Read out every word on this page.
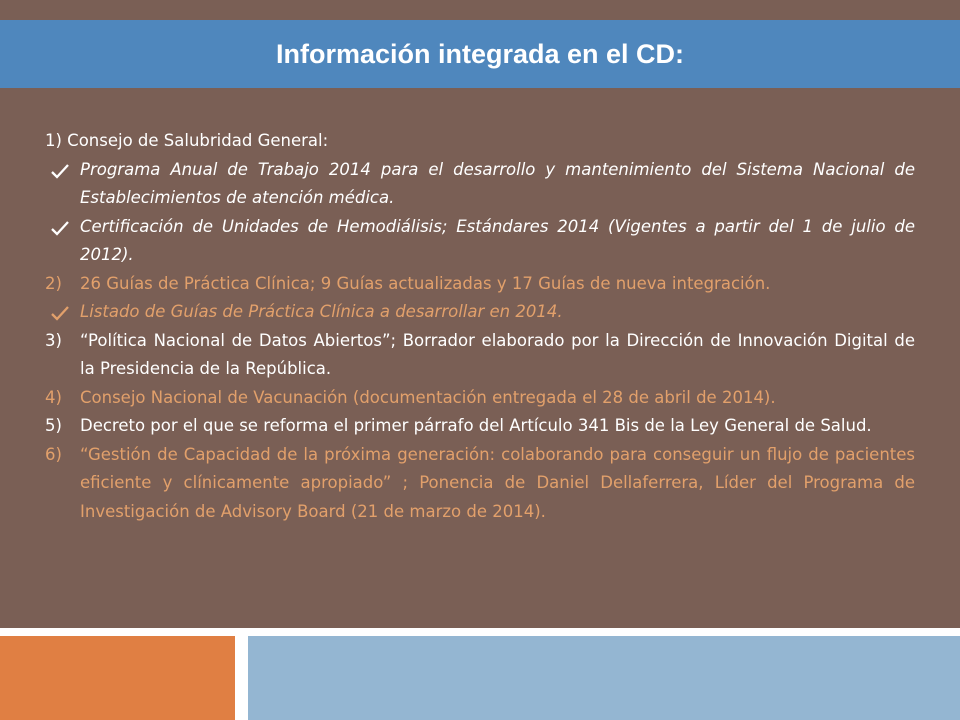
Información integrada en el CD:
1) Consejo de Salubridad General:
Programa Anual de Trabajo 2014 para el desarrollo y mantenimiento del Sistema Nacional de Establecimientos de atención médica.
Certificación de Unidades de Hemodiálisis; Estándares 2014 (Vigentes a partir del 1 de julio de 2012).
2) 26 Guías de Práctica Clínica; 9 Guías actualizadas y 17 Guías de nueva integración.
Listado de Guías de Práctica Clínica a desarrollar en 2014.
3) “Política Nacional de Datos Abiertos”; Borrador elaborado por la Dirección de Innovación Digital de la Presidencia de la República.
4) Consejo Nacional de Vacunación (documentación entregada el 28 de abril de 2014).
5) Decreto por el que se reforma el primer párrafo del Artículo 341 Bis de la Ley General de Salud.
6) “Gestión de Capacidad de la próxima generación: colaborando para conseguir un flujo de pacientes eficiente y clínicamente apropiado” ; Ponencia de Daniel Dellaferrera, Líder del Programa de Investigación de Advisory Board (21 de marzo de 2014).
